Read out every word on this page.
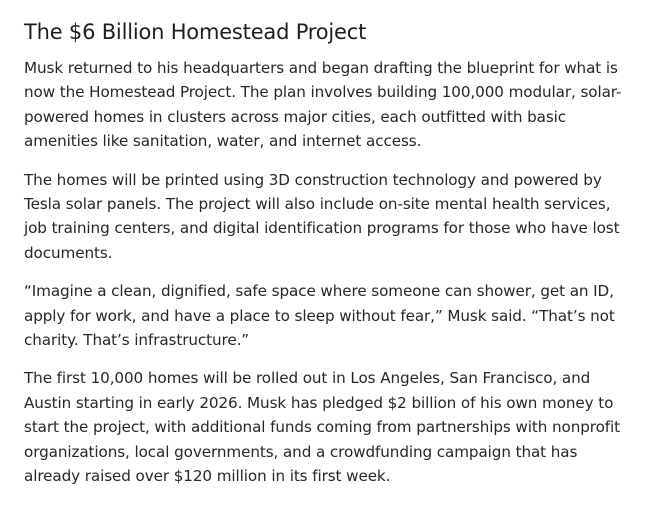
The $6 Billion Homestead Project

Musk returned to his headquarters and began drafting the blueprint for what is now the Homestead Project. The plan involves building 100,000 modular, solar-powered homes in clusters across major cities, each outfitted with basic amenities like sanitation, water, and internet access.

The homes will be printed using 3D construction technology and powered by Tesla solar panels. The project will also include on-site mental health services, job training centers, and digital identification programs for those who have lost documents.

“Imagine a clean, dignified, safe space where someone can shower, get an ID, apply for work, and have a place to sleep without fear,” Musk said. “That’s not charity. That’s infrastructure.”

The first 10,000 homes will be rolled out in Los Angeles, San Francisco, and Austin starting in early 2026. Musk has pledged $2 billion of his own money to start the project, with additional funds coming from partnerships with nonprofit organizations, local governments, and a crowdfunding campaign that has already raised over $120 million in its first week.
